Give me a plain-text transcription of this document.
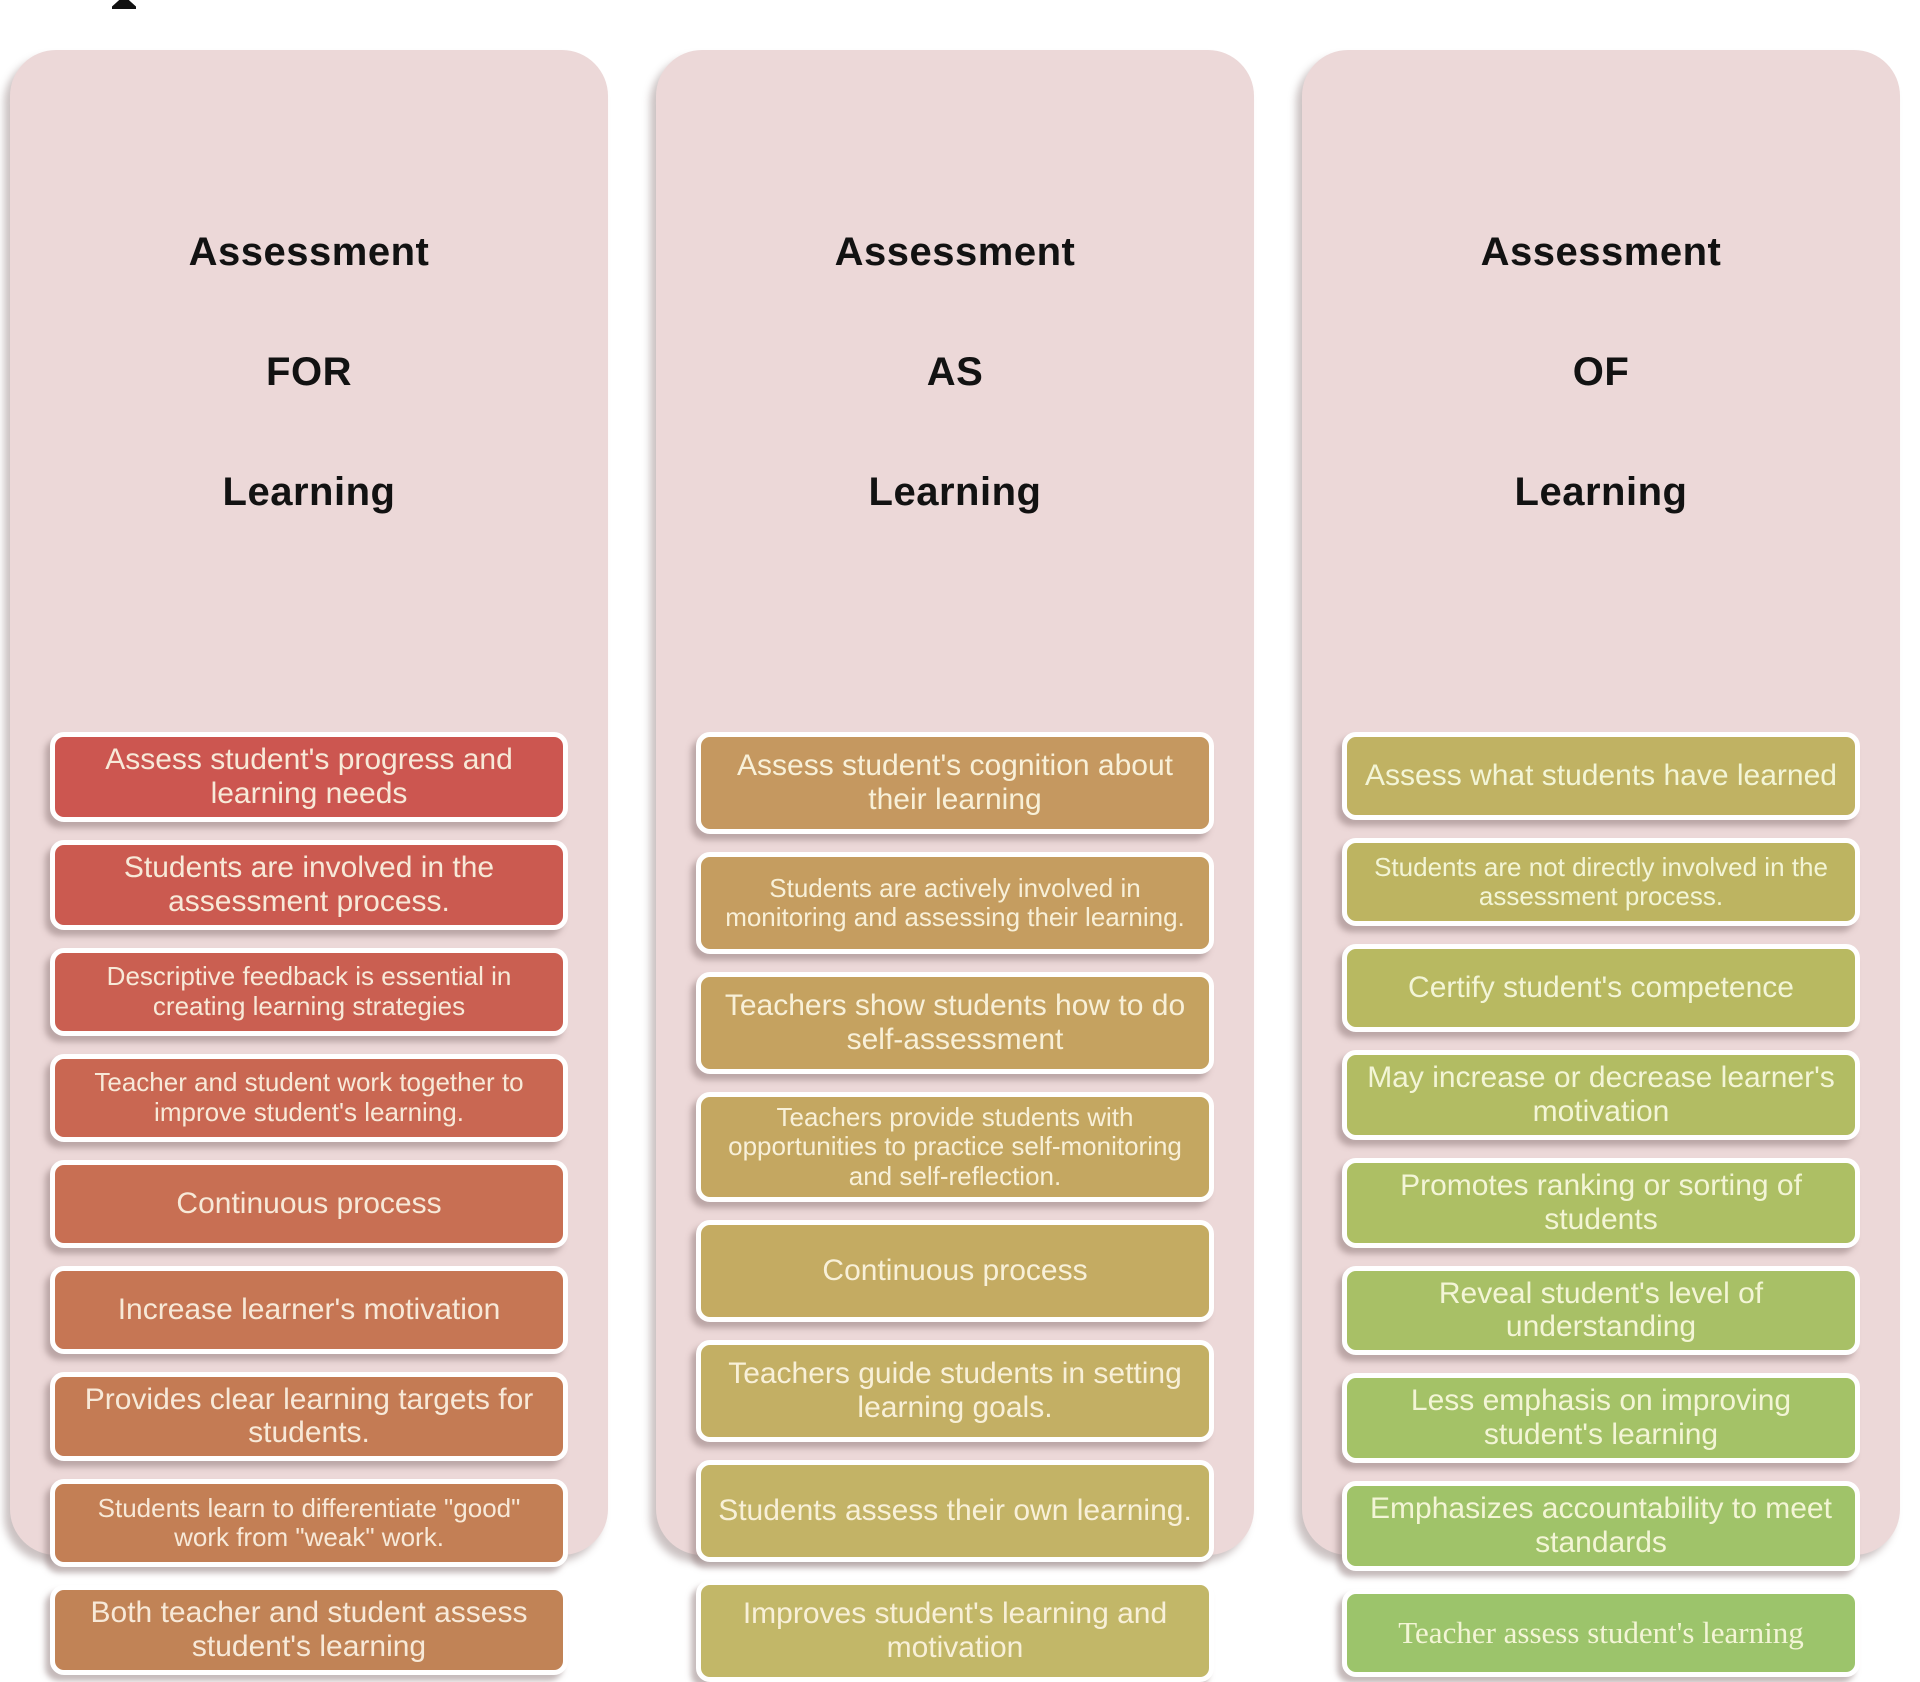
Assessment

FOR

Learning

Assess student's progress and learning needs
Students are involved in the assessment process.
Descriptive feedback is essential in creating learning strategies
Teacher and student work together to improve student's learning.
Continuous process
Increase learner's motivation
Provides clear learning targets for students.
Students learn to differentiate "good" work from "weak" work.
Both teacher and student assess student's learning

Assessment

AS

Learning

Assess student's cognition about their learning
Students are actively involved in monitoring and assessing their learning.
Teachers show students how to do self-assessment
Teachers provide students with opportunities to practice self-monitoring and self-reflection.
Continuous process
Teachers guide students in setting learning goals.
Students assess their own learning.
Improves student's learning and motivation

Assessment

OF

Learning

Assess what students have learned
Students are not directly involved in the assessment process.
Certify student's competence
May increase or decrease learner's motivation
Promotes ranking or sorting of students
Reveal student's level of understanding
Less emphasis on improving student's learning
Emphasizes accountability to meet standards
Teacher assess student's learning
